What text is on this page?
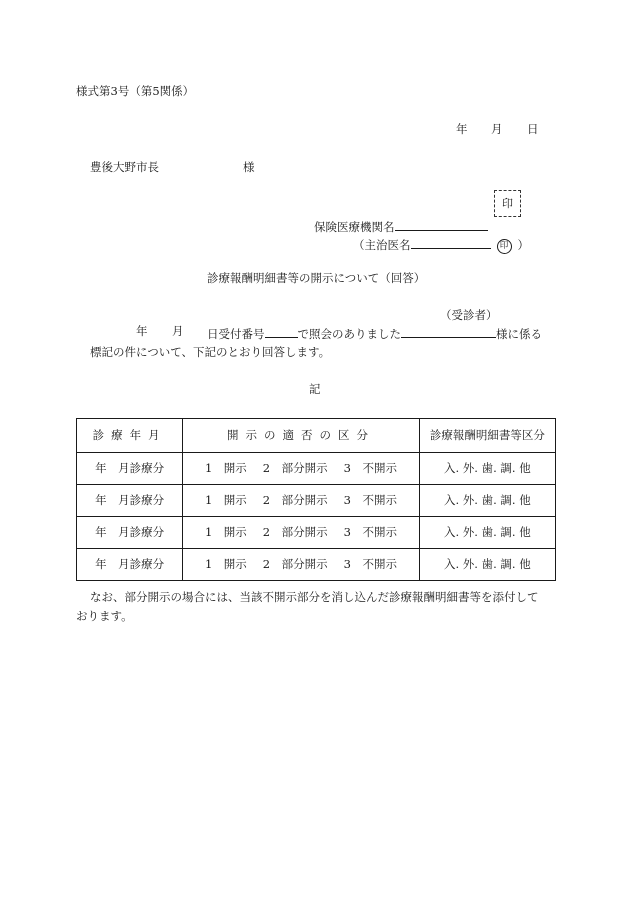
様式第3号（第5関係）
年 月 日
豊後大野市長	様
印
保険医療機関名
（主治医名	印 ）
診療報酬明細書等の開示について（回答）
（受診者）
年 月 日受付番号	で照会のありました	様に係る
標記の件について、下記のとおり回答します。
記
診療年月	開示の適否の区分	診療報酬明細書等区分
年　月診療分	1　開示 2　部分開示 3　不開示	入. 外. 歯. 調. 他
年　月診療分	1　開示 2　部分開示 3　不開示	入. 外. 歯. 調. 他
年　月診療分	1　開示 2　部分開示 3　不開示	入. 外. 歯. 調. 他
年　月診療分	1　開示 2　部分開示 3　不開示	入. 外. 歯. 調. 他
なお、部分開示の場合には、当該不開示部分を消し込んだ診療報酬明細書等を添付して
おります。
